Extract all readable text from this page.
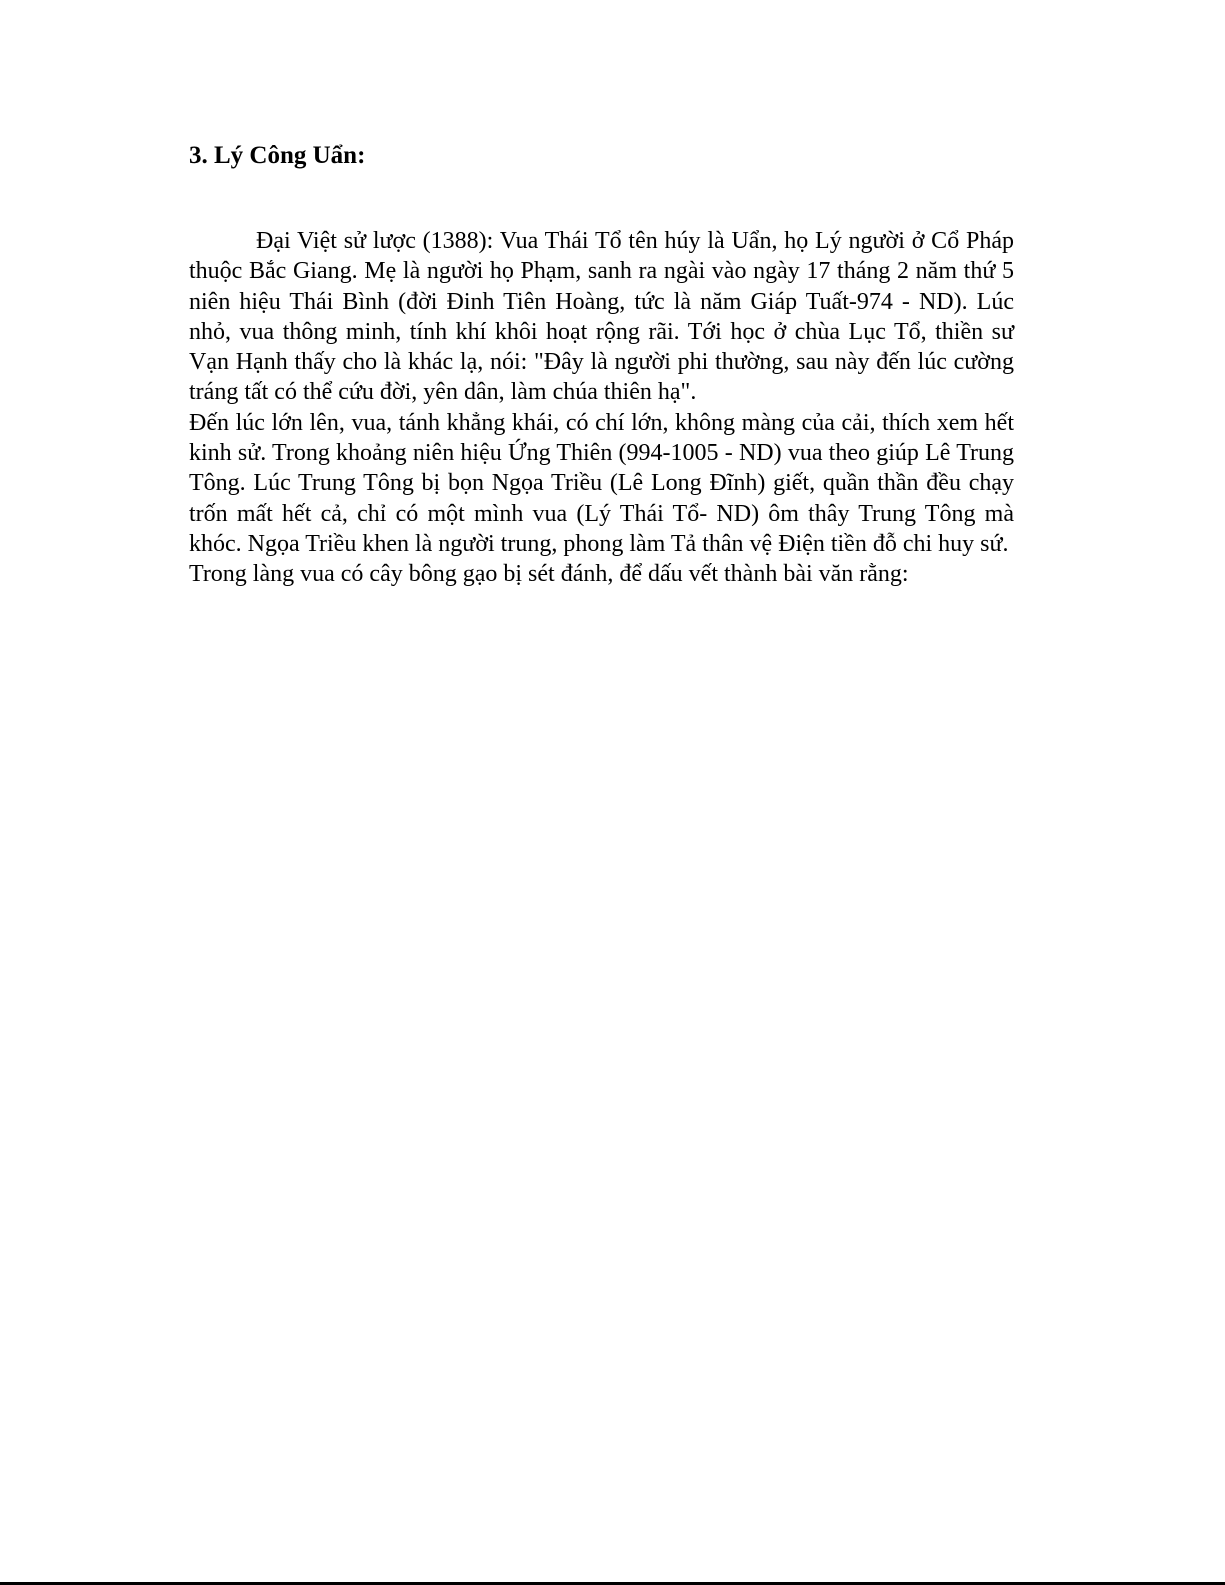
3. Lý Công Uẩn:

Đại Việt sử lược (1388): Vua Thái Tổ tên húy là Uẩn, họ Lý người ở Cổ Pháp thuộc Bắc Giang. Mẹ là người họ Phạm, sanh ra ngài vào ngày 17 tháng 2 năm thứ 5 niên hiệu Thái Bình (đời Đinh Tiên Hoàng, tức là năm Giáp Tuất-974 - ND). Lúc nhỏ, vua thông minh, tính khí khôi hoạt rộng rãi. Tới học ở chùa Lục Tổ, thiền sư Vạn Hạnh thấy cho là khác lạ, nói: "Đây là người phi thường, sau này đến lúc cường tráng tất có thể cứu đời, yên dân, làm chúa thiên hạ".

Đến lúc lớn lên, vua, tánh khẳng khái, có chí lớn, không màng của cải, thích xem hết kinh sử. Trong khoảng niên hiệu Ứng Thiên (994-1005 - ND) vua theo giúp Lê Trung Tông. Lúc Trung Tông bị bọn Ngọa Triều (Lê Long Đĩnh) giết, quần thần đều chạy trốn mất hết cả, chỉ có một mình vua (Lý Thái Tổ- ND) ôm thây Trung Tông mà khóc. Ngọa Triều khen là người trung, phong làm Tả thân vệ Điện tiền đỗ chi huy sứ.

Trong làng vua có cây bông gạo bị sét đánh, để dấu vết thành bài văn rằng:
